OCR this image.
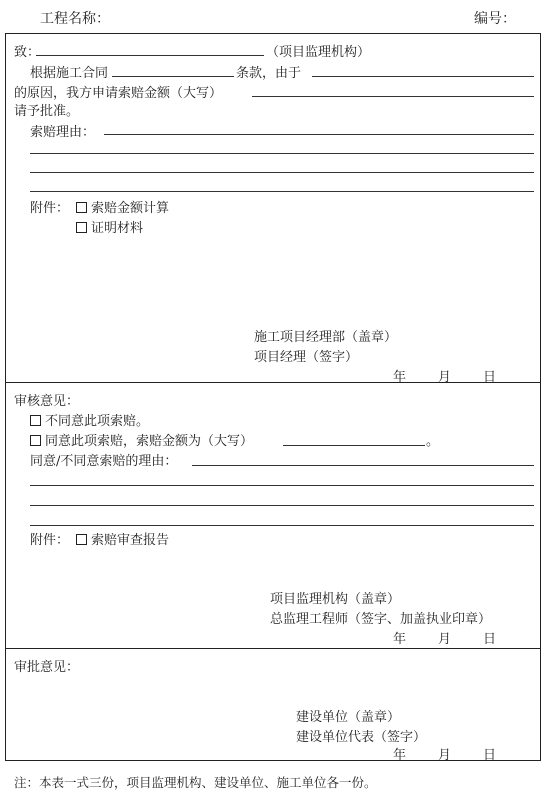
工程名称：	编号：
致：	（项目监理机构）
根据施工合同	条款，由于
的原因，我方申请索赔金额（大写）
请予批准。
索赔理由：
附件：	索赔金额计算
证明材料
施工项目经理部（盖章）
项目经理（签字）
年 月 日
审核意见：
不同意此项索赔。
同意此项索赔，索赔金额为（大写）	。
同意/不同意索赔的理由：
附件：	索赔审查报告
项目监理机构（盖章）
总监理工程师（签字、加盖执业印章）
年 月 日
审批意见：
建设单位（盖章）
建设单位代表（签字）
年 月 日
注：本表一式三份，项目监理机构、建设单位、施工单位各一份。
